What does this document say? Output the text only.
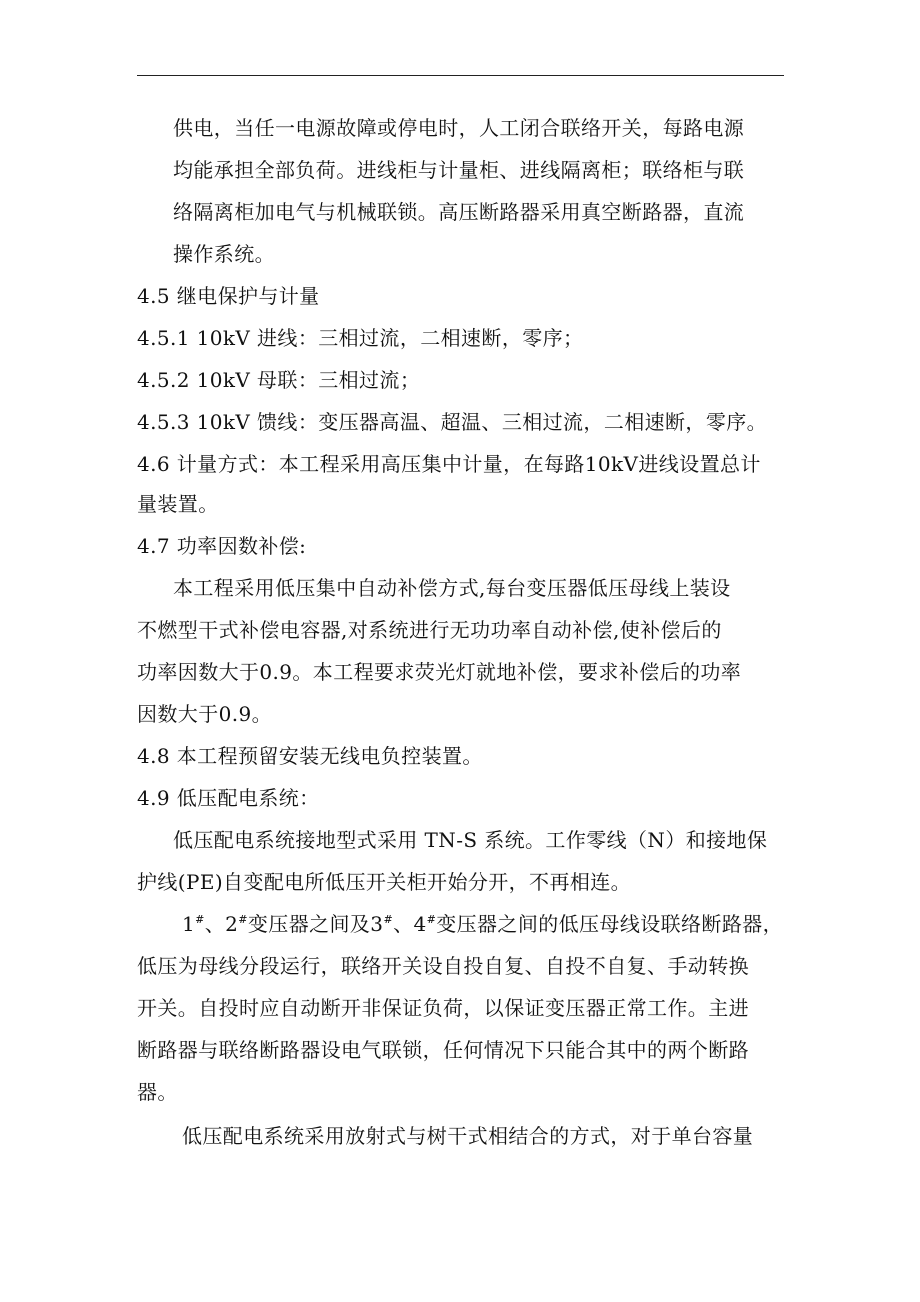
供电，当任一电源故障或停电时，人工闭合联络开关，每路电源
均能承担全部负荷。进线柜与计量柜、进线隔离柜；联络柜与联
络隔离柜加电气与机械联锁。高压断路器采用真空断路器，直流
操作系统。
4.5 继电保护与计量
4.5.1 10kV 进线：三相过流，二相速断，零序；
4.5.2 10kV 母联：三相过流；
4.5.3 10kV 馈线：变压器高温、超温、三相过流，二相速断，零序。
4.6 计量方式：本工程采用高压集中计量，在每路10kV进线设置总计
量装置。
4.7 功率因数补偿:
本工程采用低压集中自动补偿方式,每台变压器低压母线上装设
不燃型干式补偿电容器,对系统进行无功功率自动补偿,使补偿后的
功率因数大于0.9。本工程要求荧光灯就地补偿，要求补偿后的功率
因数大于0.9。
4.8 本工程预留安装无线电负控装置。
4.9 低压配电系统：
低压配电系统接地型式采用 TN-S 系统。工作零线（N）和接地保
护线(PE)自变配电所低压开关柜开始分开，不再相连。
1#、2#变压器之间及3#、4#变压器之间的低压母线设联络断路器，
低压为母线分段运行，联络开关设自投自复、自投不自复、手动转换
开关。自投时应自动断开非保证负荷，以保证变压器正常工作。主进
断路器与联络断路器设电气联锁，任何情况下只能合其中的两个断路
器。
低压配电系统采用放射式与树干式相结合的方式，对于单台容量
